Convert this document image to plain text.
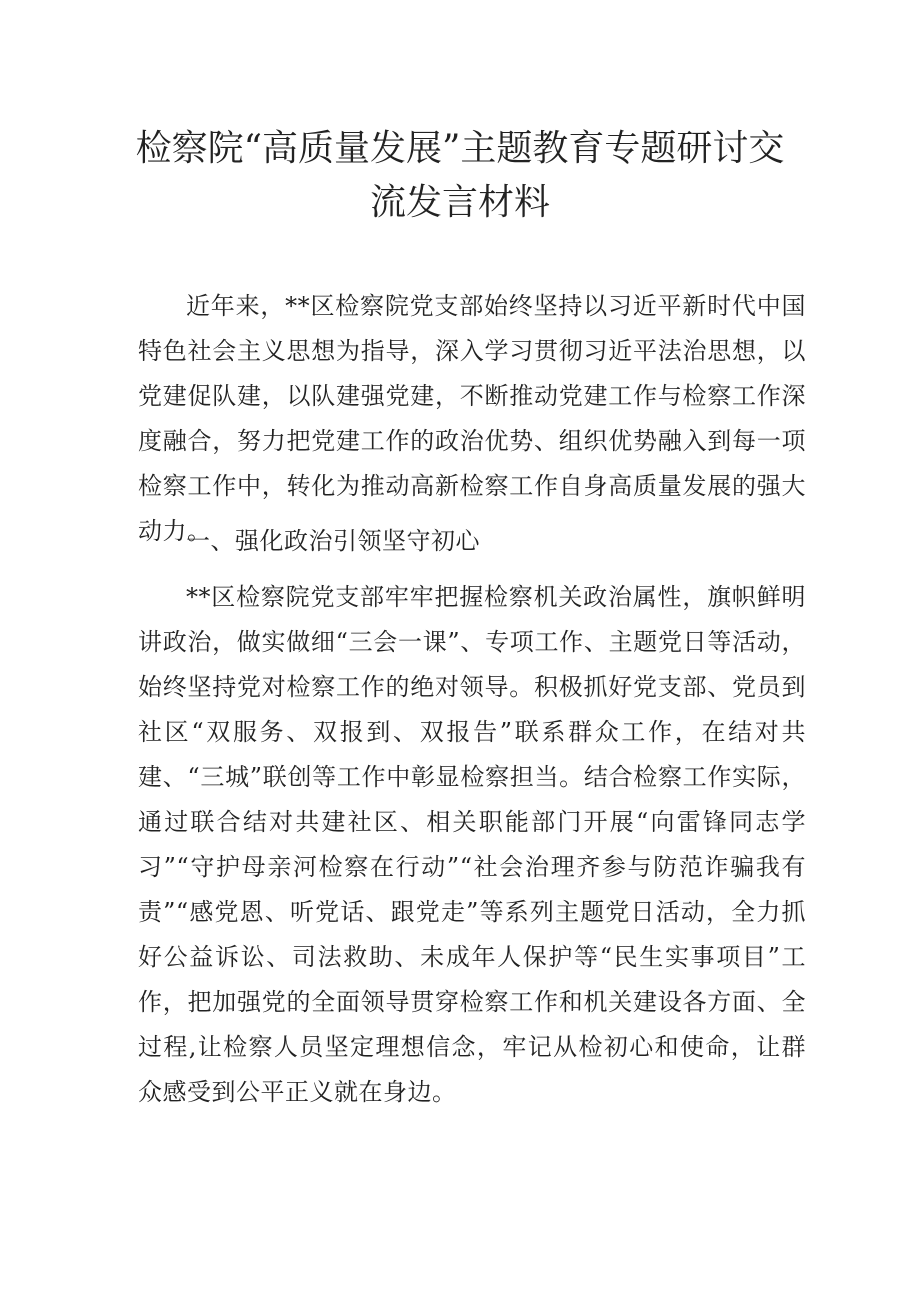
检察院“高质量发展”主题教育专题研讨交
流发言材料

近年来，**区检察院党支部始终坚持以习近平新时代中国特色社会主义思想为指导，深入学习贯彻习近平法治思想，以党建促队建，以队建强党建，不断推动党建工作与检察工作深度融合，努力把党建工作的政治优势、组织优势融入到每一项检察工作中，转化为推动高新检察工作自身高质量发展的强大动力。

一、强化政治引领坚守初心

**区检察院党支部牢牢把握检察机关政治属性，旗帜鲜明讲政治，做实做细“三会一课”、专项工作、主题党日等活动，始终坚持党对检察工作的绝对领导。积极抓好党支部、党员到社区“双服务、双报到、双报告”联系群众工作，在结对共建、“三城”联创等工作中彰显检察担当。结合检察工作实际，通过联合结对共建社区、相关职能部门开展“向雷锋同志学习”“守护母亲河检察在行动”“社会治理齐参与防范诈骗我有责”“感党恩、听党话、跟党走”等系列主题党日活动，全力抓好公益诉讼、司法救助、未成年人保护等“民生实事项目”工作，把加强党的全面领导贯穿检察工作和机关建设各方面、全过程,让检察人员坚定理想信念，牢记从检初心和使命，让群众感受到公平正义就在身边。
